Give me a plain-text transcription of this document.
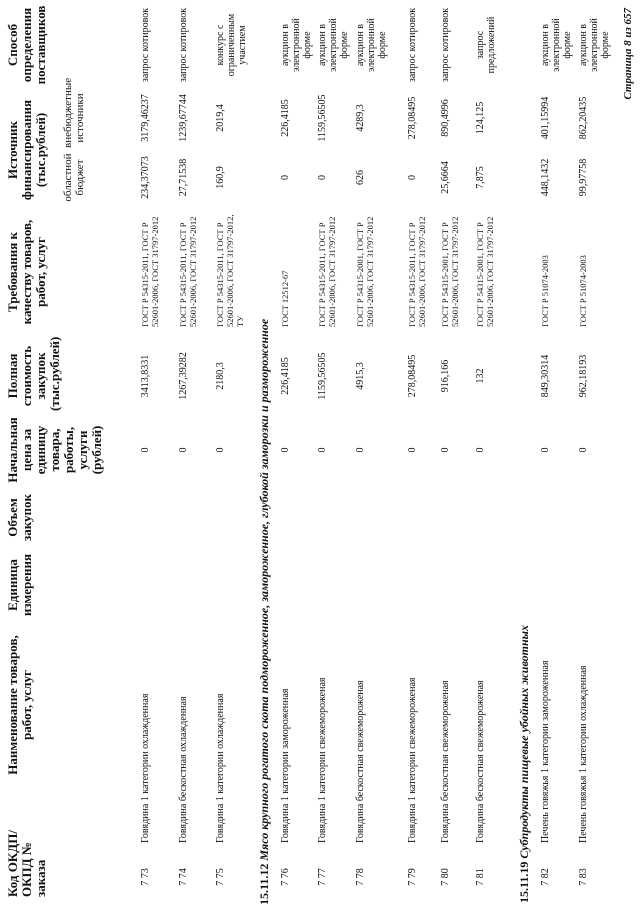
Код ОКДП/ ОКПД № заказа
Наименование товаров, работ, услуг
Единица измерения
Объем закупок
Начальная цена за единицу товара, работы, услуги (рублей)
Полная стоимость закупок (тыс.рублей)
Требования к качеству товаров, работ, услуг
Источник финансирования (тыс.рублей) областной бюджет
внебюджетные источники
Способ определения поставщиков
7 73
Говядина 1 категории охлажденная
0
3413,8331
ГОСТ Р 54315-2011, ГОСТ Р 52601-2006, ГОСТ 31797-2012
234,37073
3179,46237
запрос котировок
7 74
Говядина бескостная охлажденная
0
1267,39282
ГОСТ Р 54315-2011, ГОСТ Р 52601-2006, ГОСТ 31797-2012
27,71538
1239,67744
запрос котировок
7 75
Говядина 1 категории охлажденная
0
2180,3
ГОСТ Р 54315-2011, ГОСТ Р 52601-2006, ГОСТ 31797-2012, ТУ
160,9
2019,4
конкурс с ограниченным участием
7 76
Говядина 1 категории замороженная
0
226,4185
ГОСТ 12512-67
0
226,4185
аукцион в электронной форме
7 77
Говядина 1 категории свежемороженая
0
1159,56505
ГОСТ Р 54315-2011, ГОСТ Р 52601-2006, ГОСТ 31797-2012
0
1159,56505
аукцион в электронной форме
7 78
Говядина бескостная свежемороженая
0
4915,3
ГОСТ Р 54315-2001, ГОСТ Р 52601-2006, ГОСТ 31797-2012
626
4289,3
аукцион в электронной форме
7 79
Говядина 1 категории свежемороженая
0
278,08495
ГОСТ Р 54315-2011, ГОСТ Р 52601-2006, ГОСТ 31797-2012
0
278,08495
запрос котировок
7 80
Говядина бескостная свежемороженая
0
916,166
ГОСТ Р 54315-2001, ГОСТ Р 52601-2006, ГОСТ 31797-2012
25,6664
890,4996
запрос котировок
7 81
Говядина бескостная свежемороженая
0
132
ГОСТ Р 54315-2001, ГОСТ Р 52601-2006, ГОСТ 31797-2012
7,875
124,125
запрос предложений
7 82
Печень говяжья 1 категории замороженная
0
849,30314
ГОСТ Р 51074-2003
448,1432
401,15994
аукцион в электронной форме
7 83
Печень говяжья 1 категории охлажденная
0
962,18193
ГОСТ Р 51074-2003
99,97758
862,20435
аукцион в электронной форме
15.11.12 Мясо крупного рогатого скота подмороженное, замороженное, глубокой заморозки и размороженное
15.11.19 Субпродукты пищевые убойных животных
Страница 8 из 657
